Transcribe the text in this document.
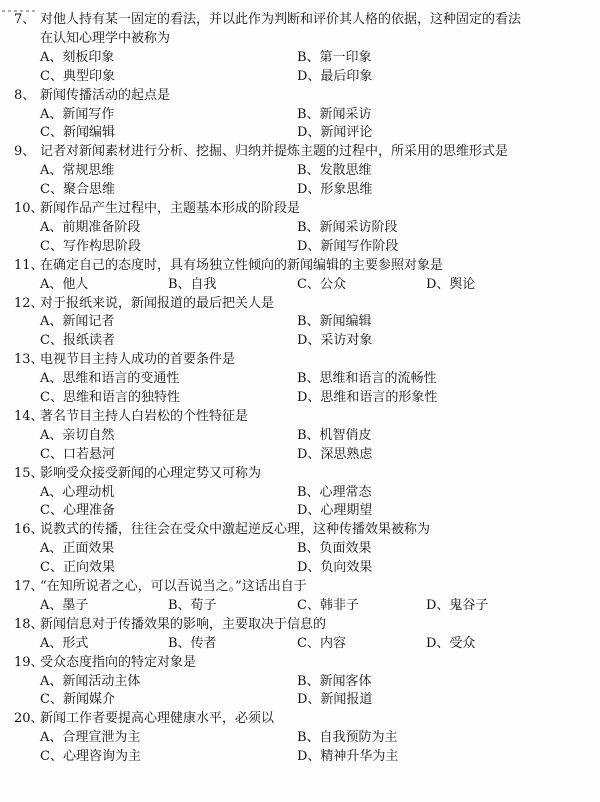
7、 对他人持有某一固定的看法，并以此作为判断和评价其人格的依据，这种固定的看法
在认知心理学中被称为
A、刻板印象	B、第一印象
C、典型印象	D、最后印象
8、 新闻传播活动的起点是
A、新闻写作	B、新闻采访
C、新闻编辑	D、新闻评论
9、 记者对新闻素材进行分析、挖掘、归纳并提炼主题的过程中，所采用的思维形式是
A、常规思维	B、发散思维
C、聚合思维	D、形象思维
10、
新闻作品产生过程中，主题基本形成的阶段是
A、前期准备阶段	B、新闻采访阶段
C、写作构思阶段	D、新闻写作阶段
11、
在确定自己的态度时，具有场独立性倾向的新闻编辑的主要参照对象是
A、他人	B、自我	C、公众	D、舆论
12、
对于报纸来说，新闻报道的最后把关人是
A、新闻记者	B、新闻编辑
C、报纸读者	D、采访对象
13、
电视节目主持人成功的首要条件是
A、思维和语言的变通性	B、思维和语言的流畅性
C、思维和语言的独特性	D、思维和语言的形象性
14、
著名节目主持人白岩松的个性特征是
A、亲切自然	B、机智俏皮
C、口若悬河	D、深思熟虑
15、
影响受众接受新闻的心理定势又可称为
A、心理动机	B、心理常态
C、心理准备	D、心理期望
16、
说教式的传播，往往会在受众中激起逆反心理，这种传播效果被称为
A、正面效果	B、负面效果
C、正向效果	D、负向效果
17、
“在知所说者之心，可以吾说当之。”这话出自于
A、墨子	B、荀子	C、韩非子	D、鬼谷子
18、
新闻信息对于传播效果的影响，主要取决于信息的
A、形式	B、传者	C、内容	D、受众
19、
受众态度指向的特定对象是
A、新闻活动主体	B、新闻客体
C、新闻媒介	D、新闻报道
20、
新闻工作者要提高心理健康水平，必须以
A、合理宣泄为主	B、自我预防为主
C、心理咨询为主	D、精神升华为主
